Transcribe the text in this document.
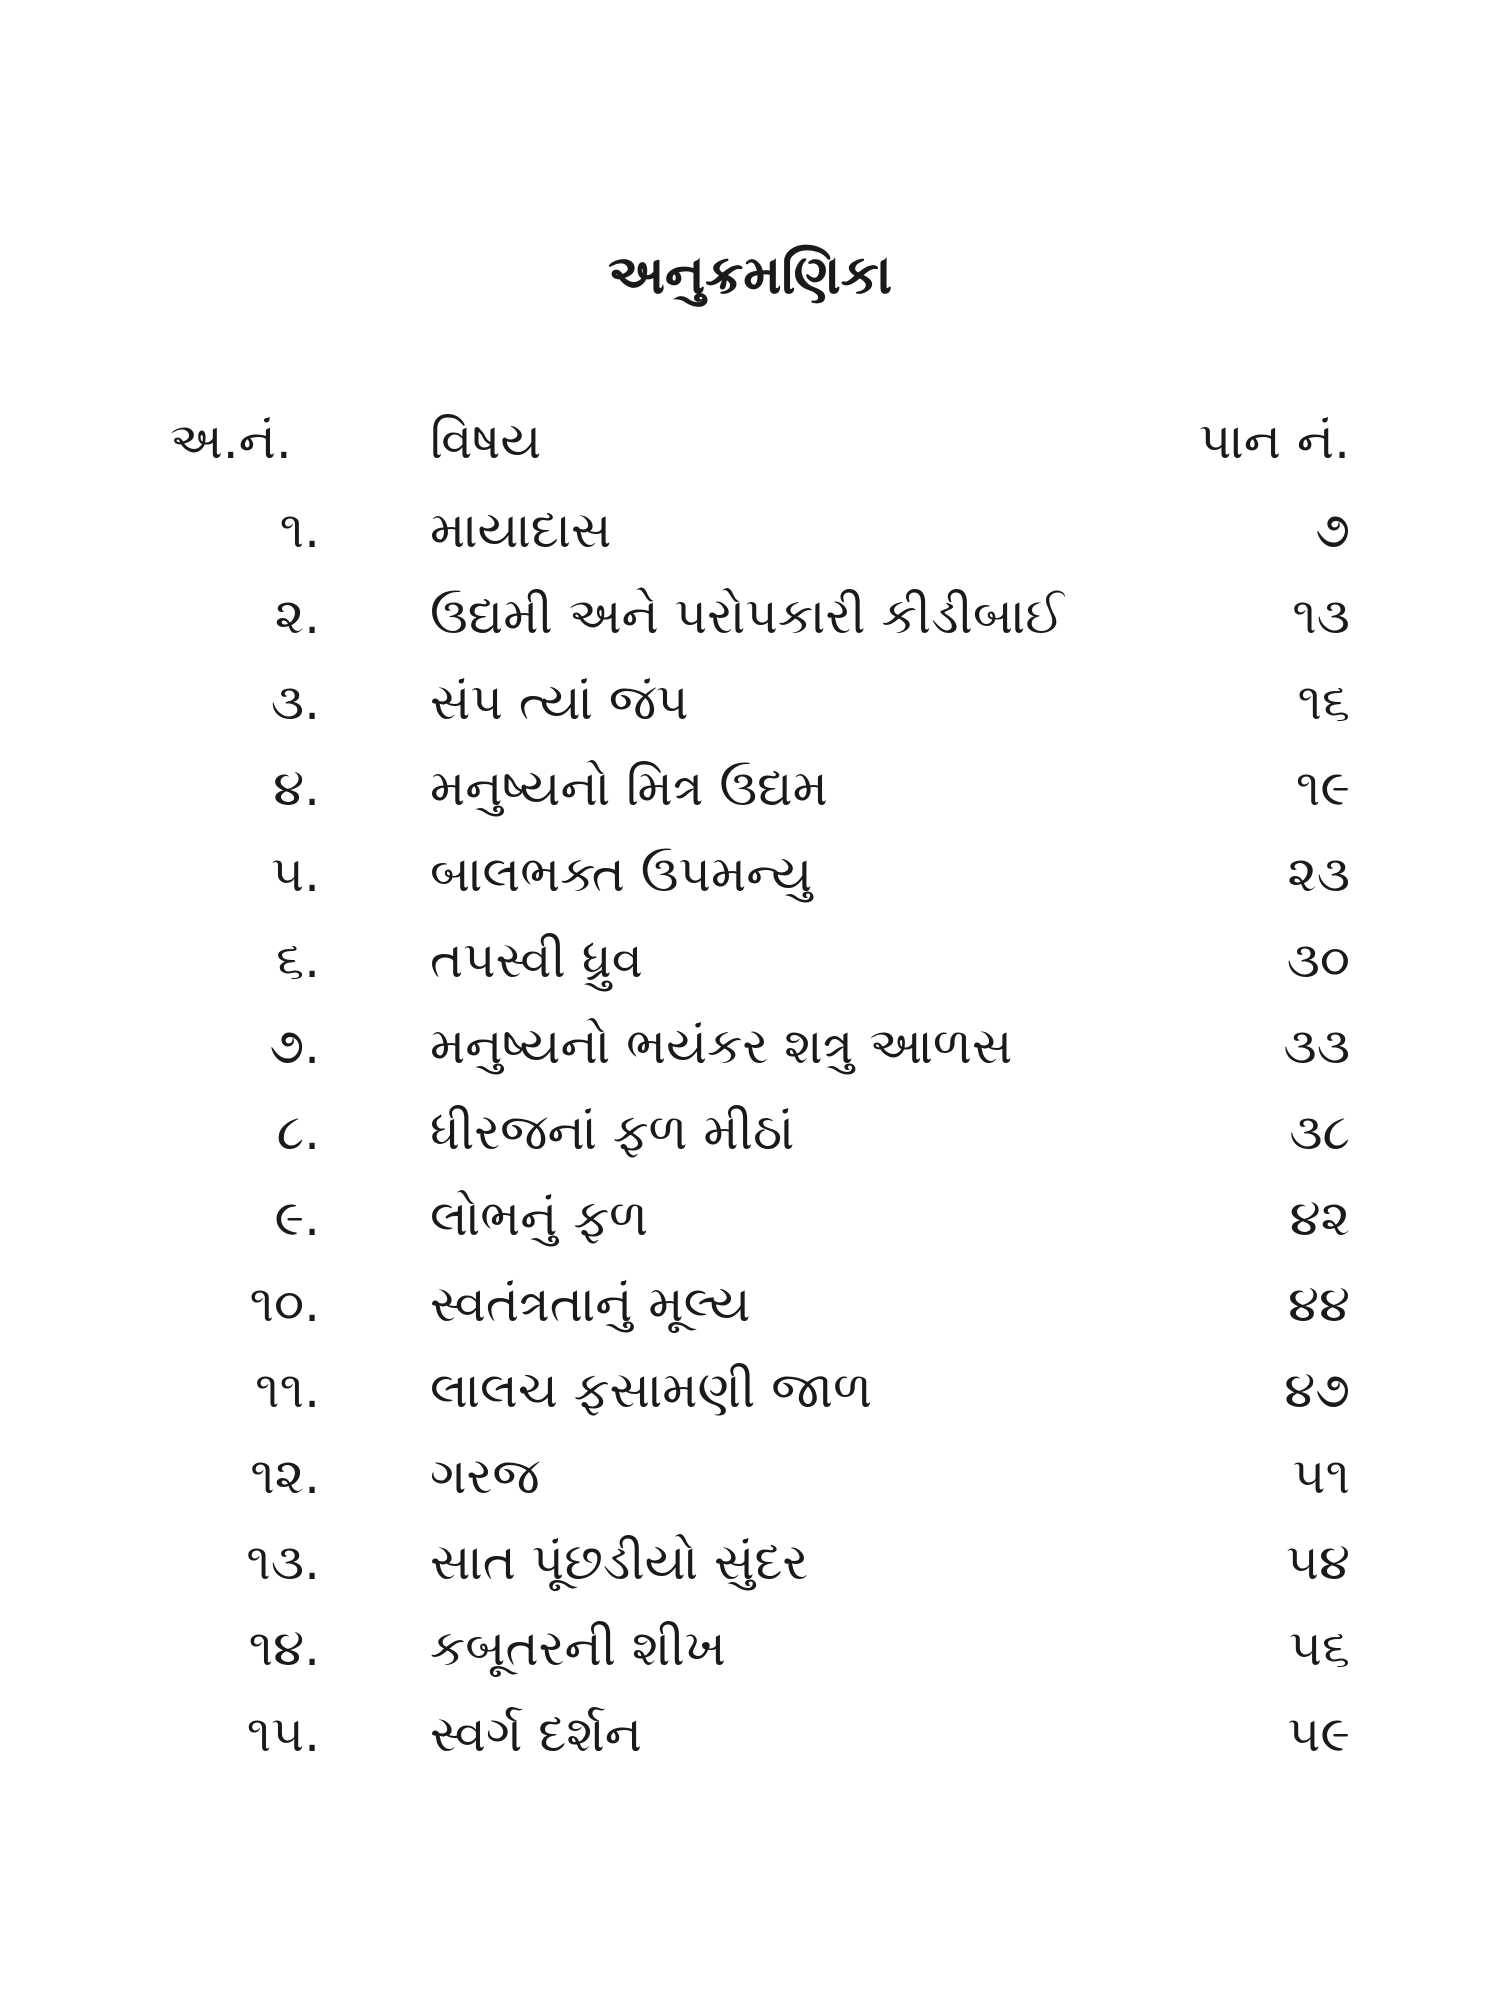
અનુક્રમણિકા
અ.નં.	વિષય	પાન નં.
૧.	માયાદાસ	૭
૨.	ઉદ્યમી અને પરોપકારી કીડીબાઈ	૧૩
૩.	સંપ ત્યાં જંપ	૧૬
૪.	મનુષ્યનો મિત્ર ઉદ્યમ	૧૯
૫.	બાલભક્ત ઉપમન્યુ	૨૩
૬.	તપસ્વી ધ્રુવ	૩૦
૭.	મનુષ્યનો ભયંકર શત્રુ આળસ	૩૩
૮.	ધીરજનાં ફળ મીઠાં	૩૮
૯.	લોભનું ફળ	૪૨
૧૦.	સ્વતંત્રતાનું મૂલ્ય	૪૪
૧૧.	લાલચ ફસામણી જાળ	૪૭
૧૨.	ગરજ	૫૧
૧૩.	સાત પૂંછડીયો સુંદર	૫૪
૧૪.	કબૂતરની શીખ	૫૬
૧૫.	સ્વર્ગ દર્શન	૫૯
